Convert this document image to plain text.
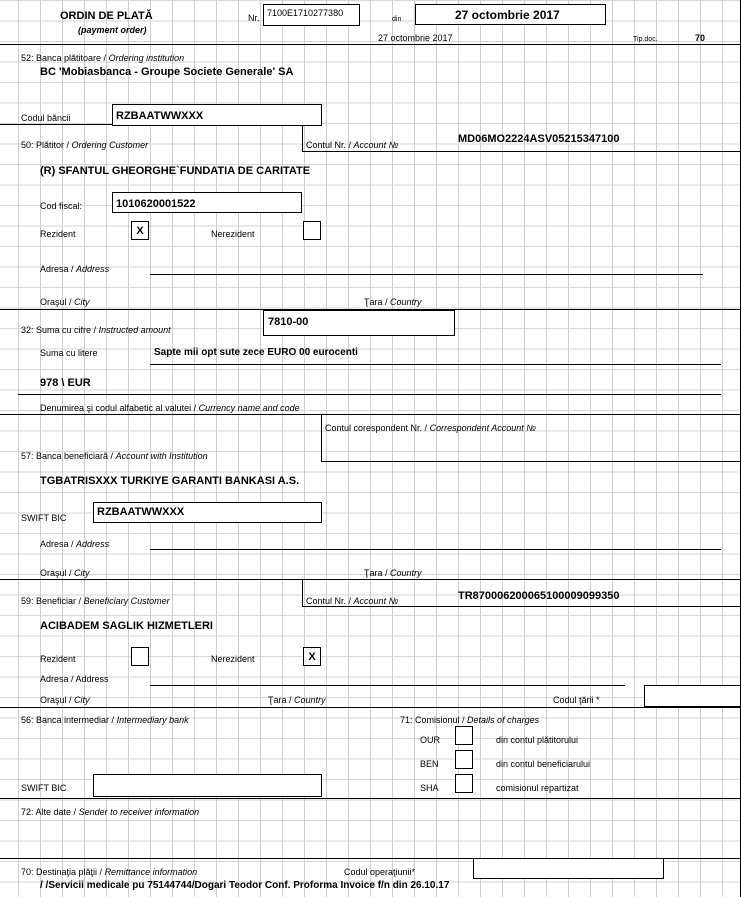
ORDIN DE PLATĂ
(payment order)
Nr. 7100E1710277380
din	27 octombrie 2017
27 octombrie 2017	Tip.doc.	70
52: Banca plătitoare / Ordering institution
BC 'Mobiasbanca - Groupe Societe Generale' SA
Codul băncii	RZBAATWWXXX
50: Plătitor / Ordering Customer	Contul Nr. / Account №	MD06MO2224ASV05215347100
(R) SFANTUL GHEORGHE`FUNDATIA DE CARITATE
Cod fiscal:	1010620001522
Rezident	X	Nerezident
Adresa / Address
Oraşul / City	Ţara / Country
32: Suma cu cifre / Instructed amount
7810-00
Suma cu litere	Sapte mii opt sute zece EURO 00 eurocenti
978 \ EUR
Denumirea şi codul alfabetic al valutei / Currency name and code
Contul corespondent Nr. / Correspondent Account №
57: Banca beneficiară / Account with Institution
TGBATRISXXX TURKIYE GARANTI BANKASI A.S.
SWIFT BIC	RZBAATWWXXX
Adresa / Address
Oraşul / City	Ţara / Country
59: Beneficiar / Beneficiary Customer	Contul Nr. / Account №	TR870006200065100009099350
ACIBADEM SAGLIK HIZMETLERI
Rezident	Nerezident	X
Adresa / Address
Oraşul / City	Ţara / Country	Codul ţării *
56: Banca intermediar / Intermediary bank
SWIFT BIC
71: Comisionul / Details of charges
OUR	din contul plătitorului
BEN	din contul beneficiarului
SHA	comisionul repartizat
72: Alte date / Sender to receiver information
70: Destinaţia plăţii / Remittance information	Codul operaţiunii*
/ /Servicii medicale pu 75144744/Dogari Teodor Conf. Proforma Invoice f/n din 26.10.17
